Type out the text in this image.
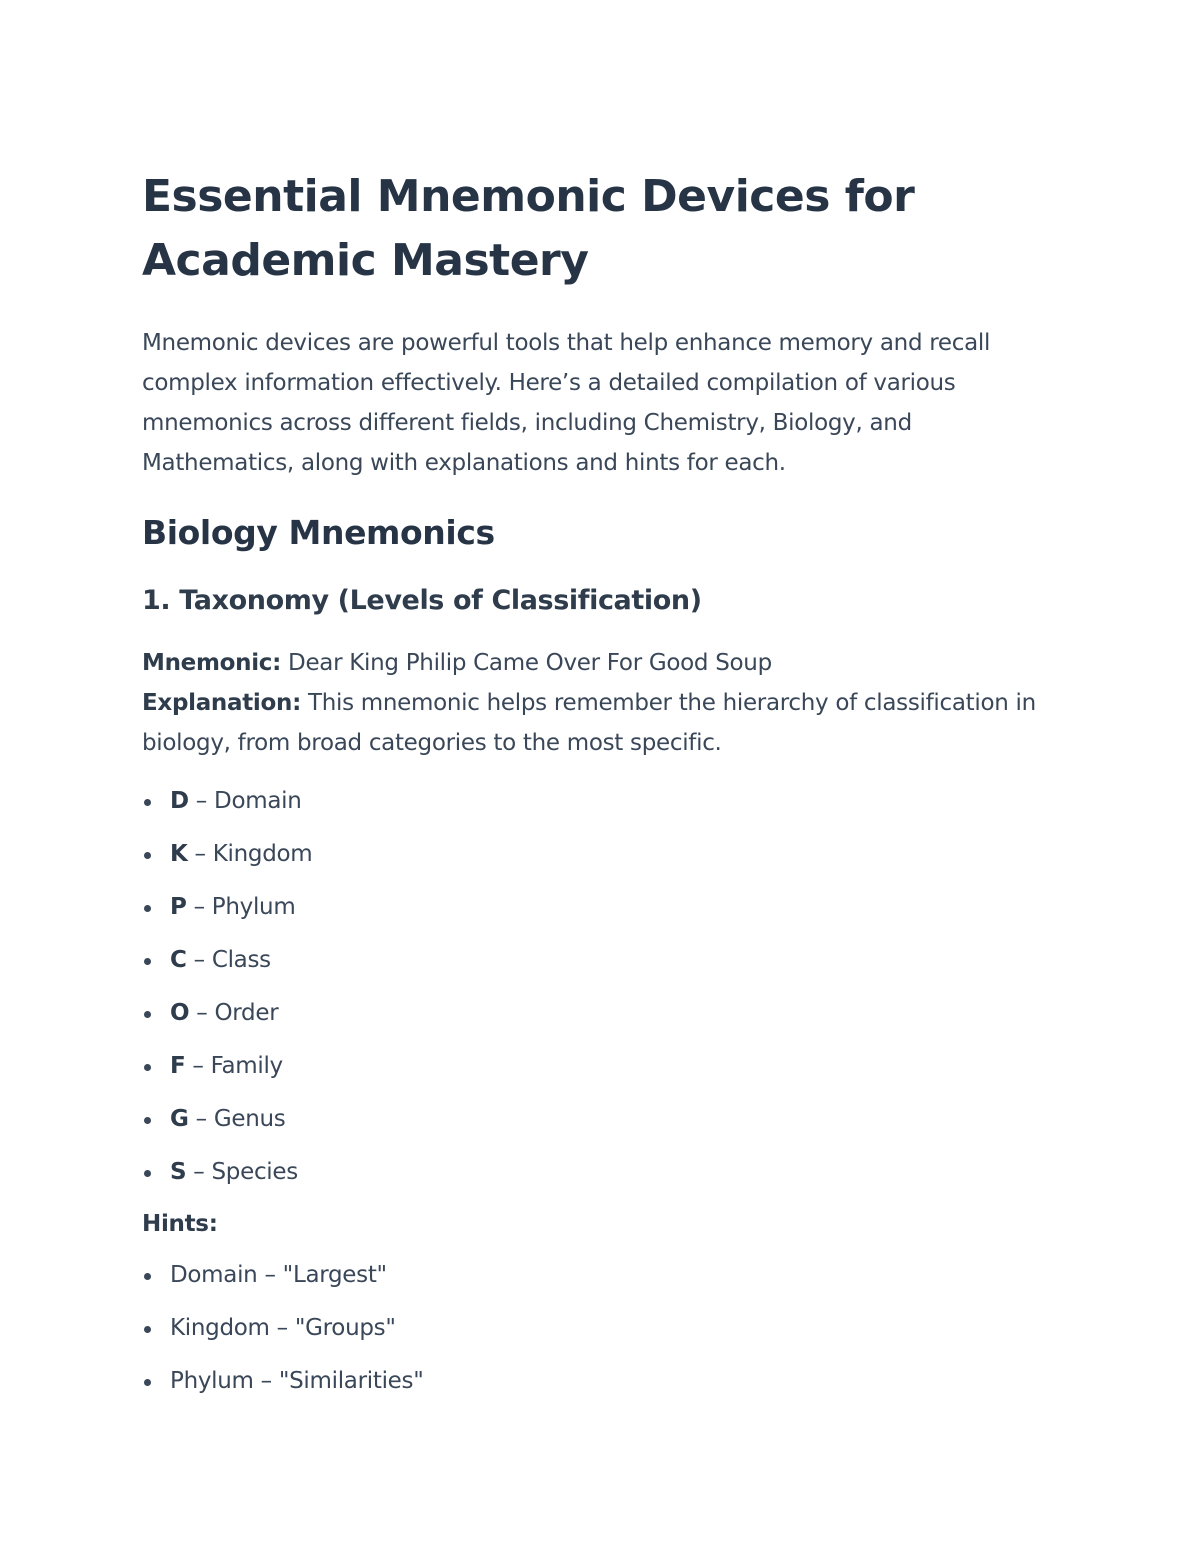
Essential Mnemonic Devices for Academic Mastery

Mnemonic devices are powerful tools that help enhance memory and recall complex information effectively. Here’s a detailed compilation of various mnemonics across different fields, including Chemistry, Biology, and Mathematics, along with explanations and hints for each.

Biology Mnemonics
1. Taxonomy (Levels of Classification)

Mnemonic: Dear King Philip Came Over For Good Soup

Explanation: This mnemonic helps remember the hierarchy of classification in biology, from broad categories to the most specific.

D – Domain
K – Kingdom
P – Phylum
C – Class
O – Order
F – Family
G – Genus
S – Species

Hints:

Domain – "Largest"
Kingdom – "Groups"
Phylum – "Similarities"
